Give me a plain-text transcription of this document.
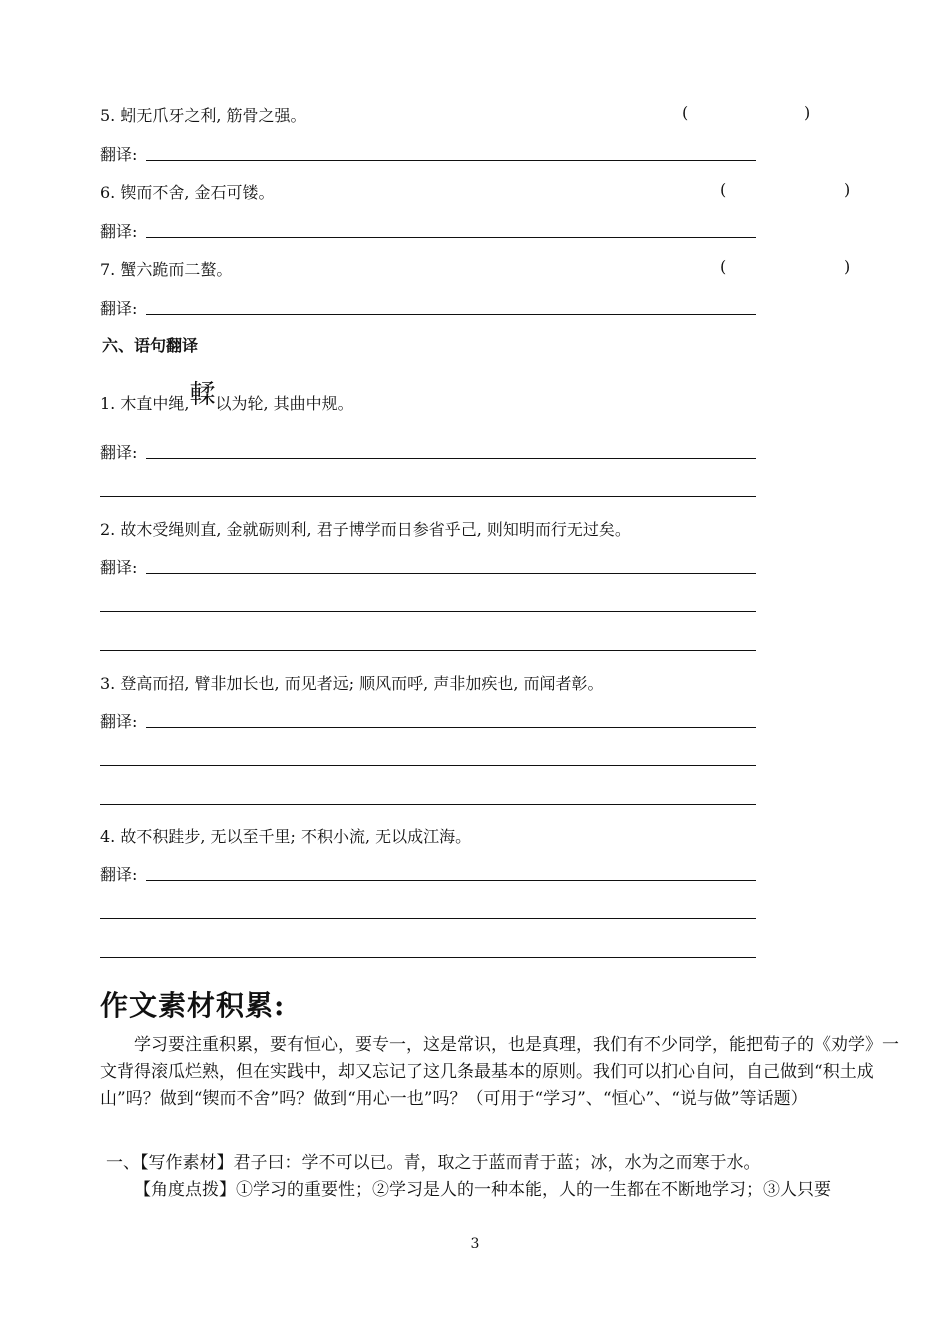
5. 蚓无爪牙之利, 筋骨之强。	(	)
翻译:
6. 锲而不舍, 金石可镂。	(	)
翻译:
7. 蟹六跪而二螯。	(	)
翻译:
六、语句翻译
1. 木直中绳,輮以为轮, 其曲中规。
翻译:
2. 故木受绳则直, 金就砺则利, 君子博学而日参省乎己, 则知明而行无过矣。
翻译:
3. 登高而招, 臂非加长也, 而见者远; 顺风而呼, 声非加疾也, 而闻者彰。
翻译:
4. 故不积跬步, 无以至千里; 不积小流, 无以成江海。
翻译:
作文素材积累:
学习要注重积累，要有恒心，要专一，这是常识，也是真理，我们有不少同学，能把荀子的《劝学》一文背得滚瓜烂熟，但在实践中，却又忘记了这几条最基本的原则。我们可以扪心自问，自己做到“积土成山”吗？做到“锲而不舍”吗？做到“用心一也”吗？（可用于“学习”、“恒心”、“说与做”等话题）
一、【写作素材】君子曰：学不可以已。青，取之于蓝而青于蓝；冰，水为之而寒于水。
【角度点拨】①学习的重要性；②学习是人的一种本能，人的一生都在不断地学习；③人只要
3
